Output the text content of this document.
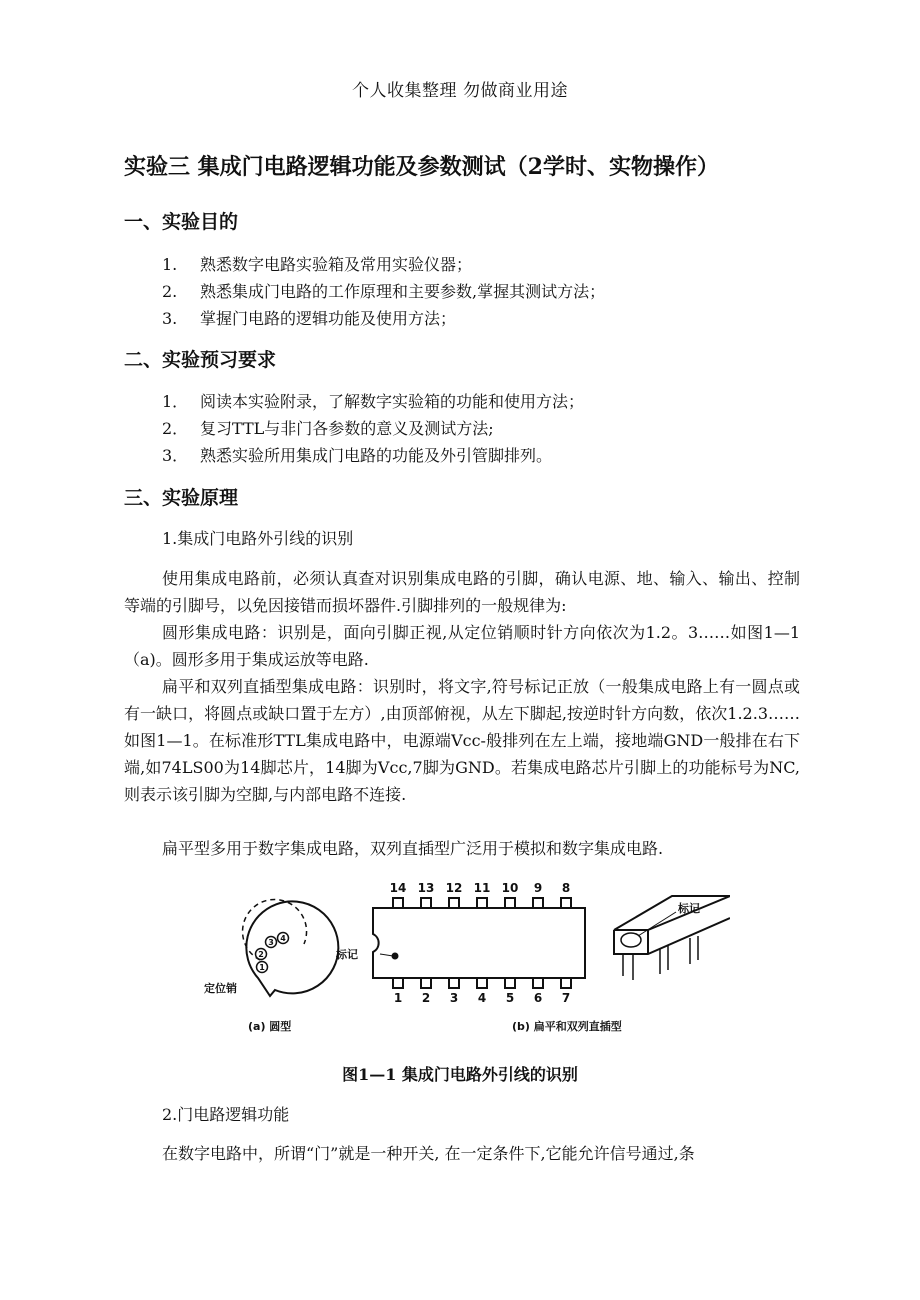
个人收集整理 勿做商业用途
实验三 集成门电路逻辑功能及参数测试（2学时、实物操作）
一、实验目的
1. 熟悉数字电路实验箱及常用实验仪器；
2. 熟悉集成门电路的工作原理和主要参数,掌握其测试方法；
3. 掌握门电路的逻辑功能及使用方法；
二、实验预习要求
1． 阅读本实验附录，了解数字实验箱的功能和使用方法；
2． 复习TTL与非门各参数的意义及测试方法;
3． 熟悉实验所用集成门电路的功能及外引管脚排列。
三、实验原理
1.集成门电路外引线的识别
使用集成电路前，必须认真查对识别集成电路的引脚，确认电源、地、输入、输出、控制等端的引脚号，以免因接错而损坏器件.引脚排列的一般规律为:
圆形集成电路：识别是，面向引脚正视,从定位销顺时针方向依次为1.2。3……如图1—1（a)。圆形多用于集成运放等电路.
扁平和双列直插型集成电路：识别时，将文字,符号标记正放（一般集成电路上有一圆点或有一缺口，将圆点或缺口置于左方）,由顶部俯视，从左下脚起,按逆时针方向数，依次1.2.3……如图1—1。在标准形TTL集成电路中，电源端Vcc-般排列在左上端，接地端GND一般排在右下端,如74LS00为14脚芯片，14脚为Vcc,7脚为GND。若集成电路芯片引脚上的功能标号为NC,则表示该引脚为空脚,与内部电路不连接.
扁平型多用于数字集成电路，双列直插型广泛用于模拟和数字集成电路.
1
2
3 4
定位销
(a) 圆型
14 13 12 11 10 9 8
1 2 3 4 5 6 7
标记
(b) 扁平和双列直插型
标记
图1—1 集成门电路外引线的识别
2.门电路逻辑功能
在数字电路中，所谓“门”就是一种开关, 在一定条件下,它能允许信号通过,条
